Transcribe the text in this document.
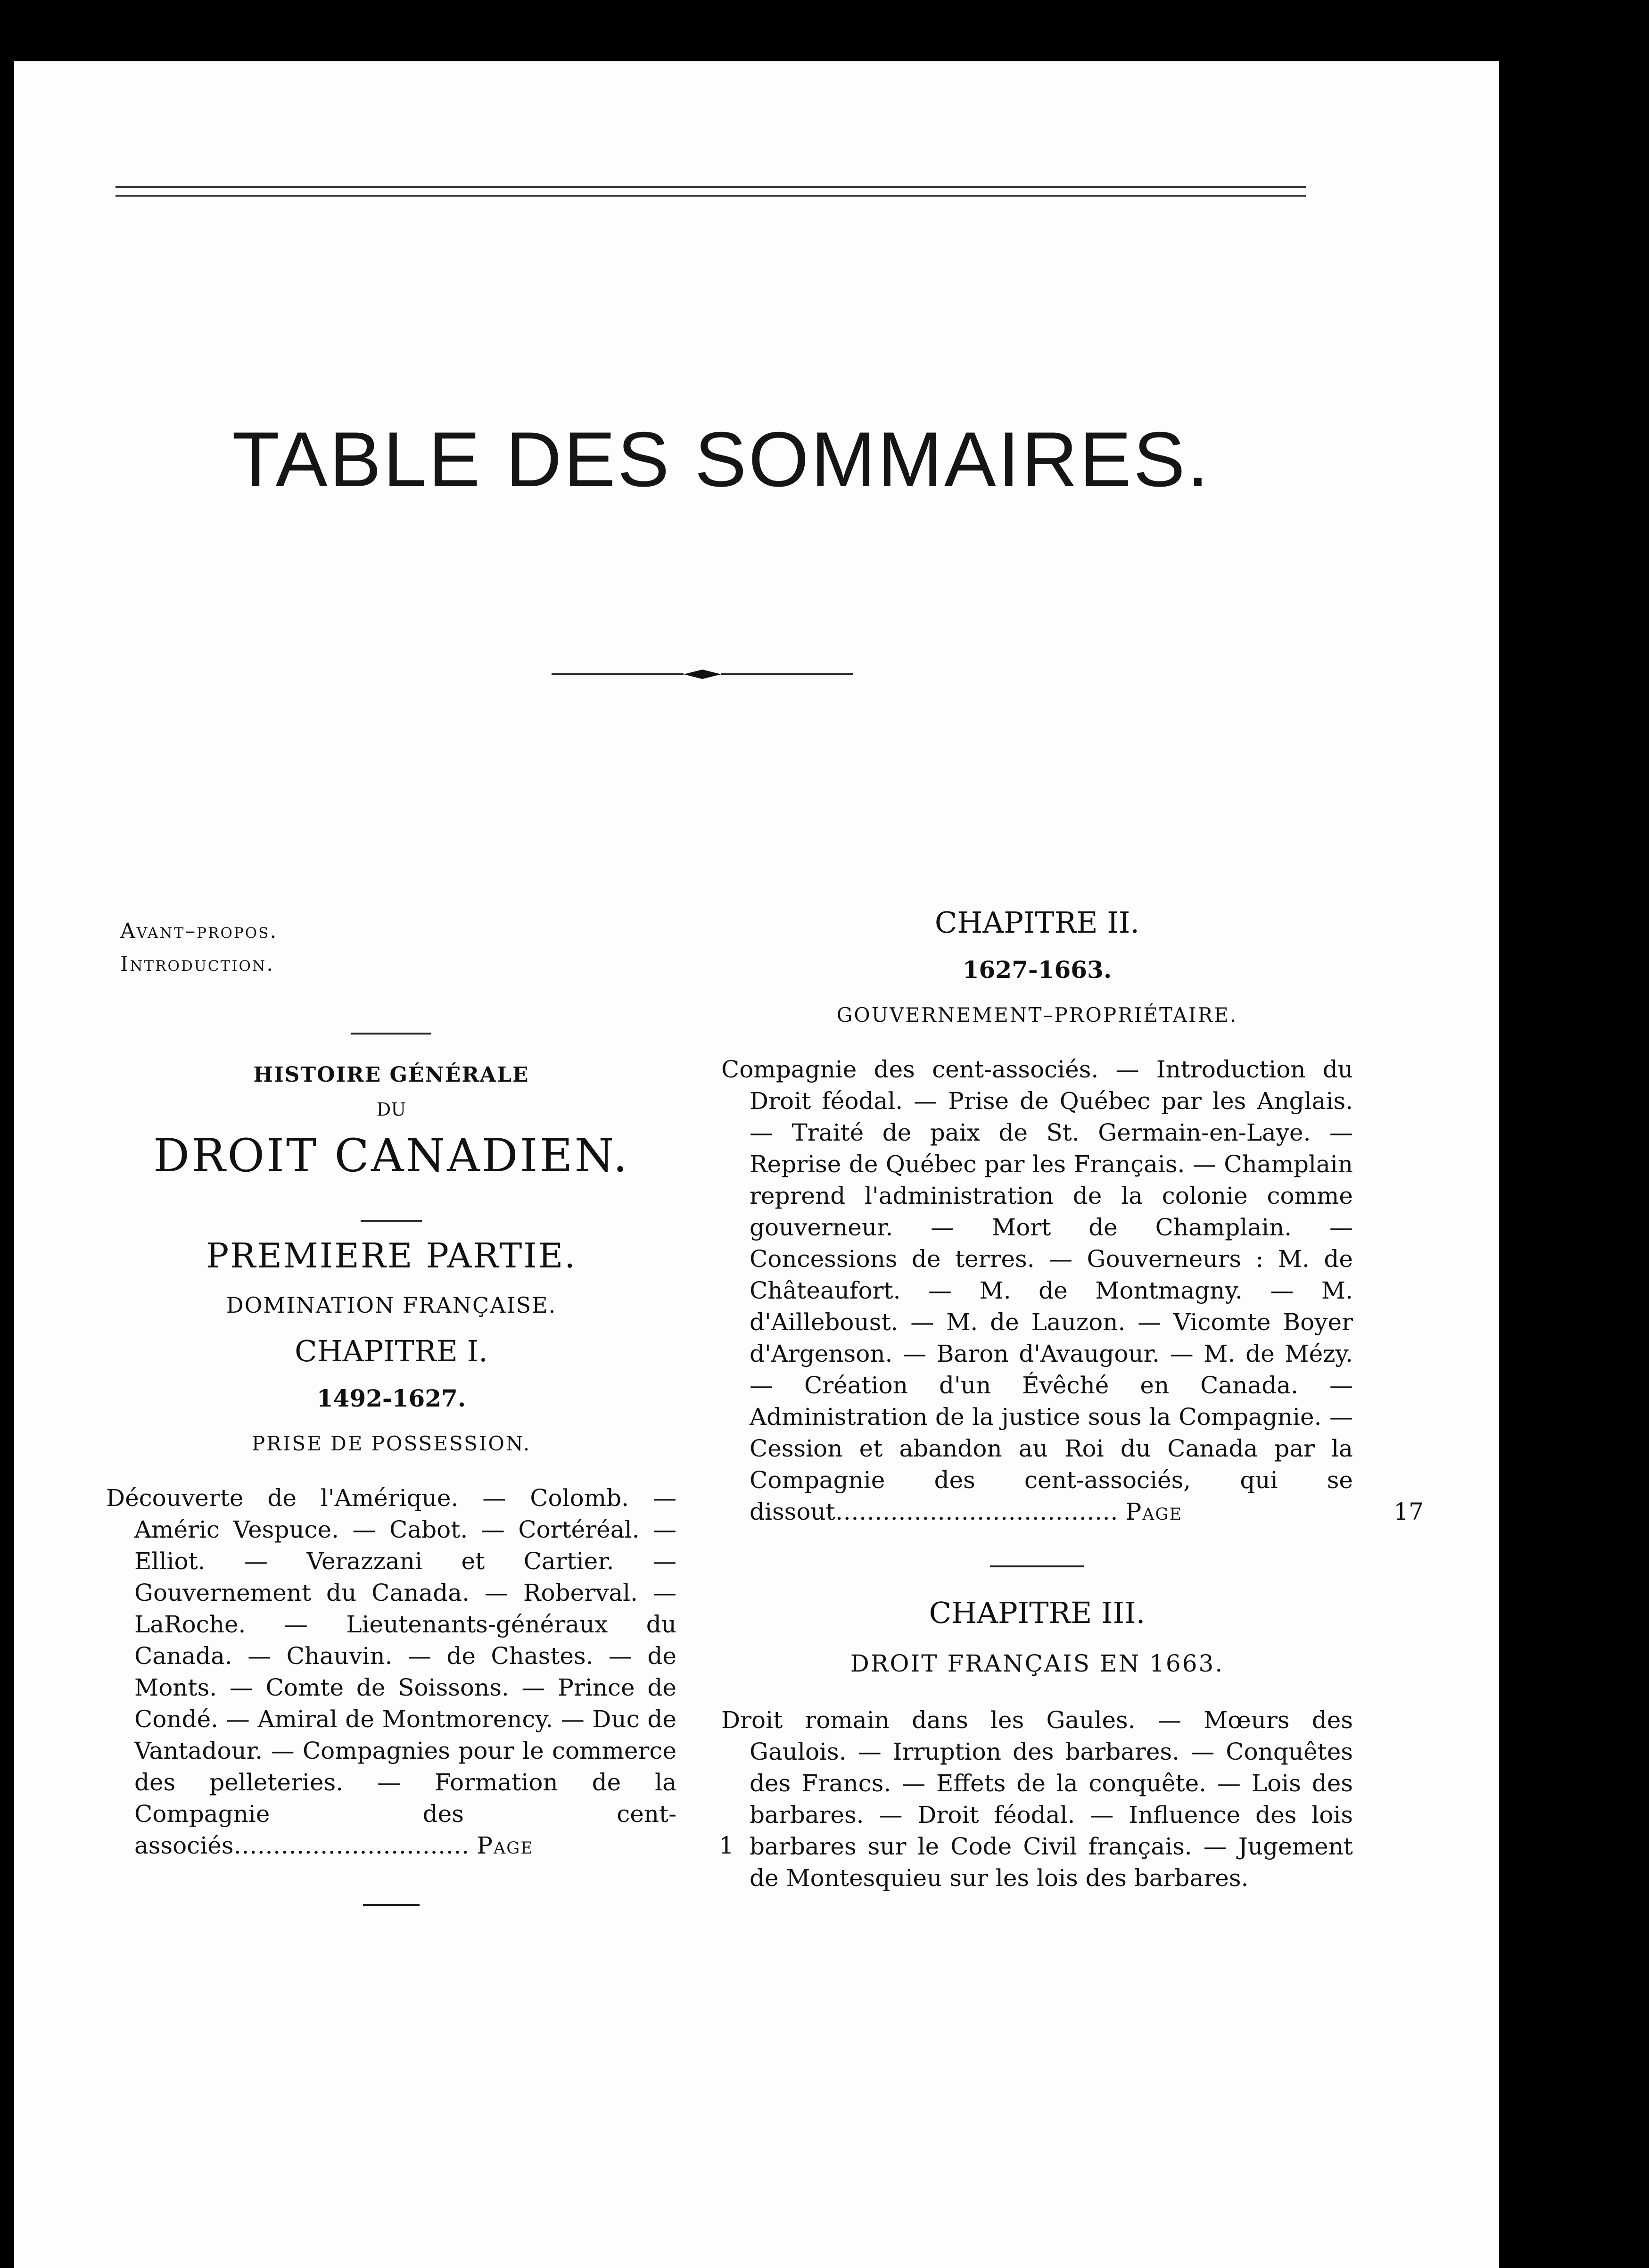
TABLE DES SOMMAIRES.
Avant–propos.
Introduction.
HISTOIRE GÉNÉRALE
DU
DROIT CANADIEN.
PREMIERE PARTIE.
DOMINATION FRANÇAISE.
CHAPITRE I.
1492-1627.
PRISE DE POSSESSION.
Découverte de l'Amérique. — Colomb. — Améric Vespuce. — Cabot. — Cortéréal. — Elliot. — Verazzani et Cartier. — Gouvernement du Canada. — Roberval. — LaRoche. — Lieutenants-généraux du Canada. — Chauvin. — de Chastes. — de Monts. — Comte de Soissons. — Prince de Condé. — Amiral de Montmorency. — Duc de Vantadour. — Compagnies pour le commerce des pelleteries. — Formation de la Compagnie des cent-associés………………………… Page	1
CHAPITRE II.
1627-1663.
GOUVERNEMENT–PROPRIÉTAIRE.
Compagnie des cent-associés. — Introduction du Droit féodal. — Prise de Québec par les Anglais. — Traité de paix de St. Germain-en-Laye. — Reprise de Québec par les Français. — Champlain reprend l'administration de la colonie comme gouverneur. — Mort de Champlain. — Concessions de terres. — Gouverneurs : M. de Châteaufort. — M. de Montmagny. — M. d'Ailleboust. — M. de Lauzon. — Vicomte Boyer d'Argenson. — Baron d'Avaugour. — M. de Mézy. — Création d'un Évêché en Canada. — Administration de la justice sous la Compagnie. — Cession et abandon au Roi du Canada par la Compagnie des cent-associés, qui se dissout……………………………… Page	17
CHAPITRE III.
DROIT FRANÇAIS EN 1663.
Droit romain dans les Gaules. — Mœurs des Gaulois. — Irruption des barbares. — Conquêtes des Francs. — Effets de la conquête. — Lois des barbares. — Droit féodal. — Influence des lois barbares sur le Code Civil français. — Jugement de Montesquieu sur les lois des barbares.
